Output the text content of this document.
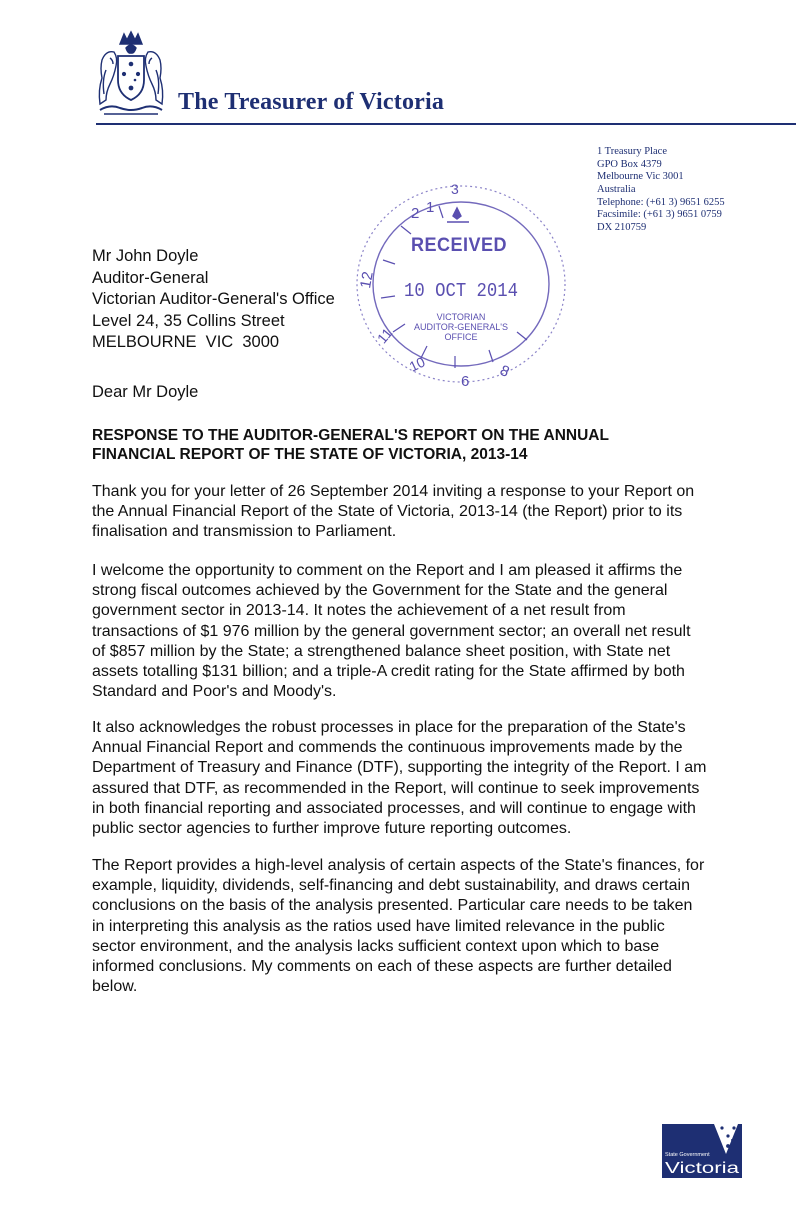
The Treasurer of Victoria
1 Treasury Place
GPO Box 4379
Melbourne Vic 3001
Australia
Telephone: (+61 3) 9651 6255
Facsimile: (+61 3) 9651 0759
DX 210759
RECEIVED
10 OCT 2014
VICTORIAN
AUDITOR-GENERAL'S
OFFICE
2 1
3
12
11
10
6
8
Mr John Doyle
Auditor-General
Victorian Auditor-General's Office
Level 24, 35 Collins Street
MELBOURNE  VIC  3000
Dear Mr Doyle
RESPONSE TO THE AUDITOR-GENERAL'S REPORT ON THE ANNUAL
FINANCIAL REPORT OF THE STATE OF VICTORIA, 2013-14
Thank you for your letter of 26 September 2014 inviting a response to your Report on
the Annual Financial Report of the State of Victoria, 2013-14 (the Report) prior to its
finalisation and transmission to Parliament.
I welcome the opportunity to comment on the Report and I am pleased it affirms the
strong fiscal outcomes achieved by the Government for the State and the general
government sector in 2013-14. It notes the achievement of a net result from
transactions of $1 976 million by the general government sector; an overall net result
of $857 million by the State; a strengthened balance sheet position, with State net
assets totalling $131 billion; and a triple-A credit rating for the State affirmed by both
Standard and Poor's and Moody's.
It also acknowledges the robust processes in place for the preparation of the State's
Annual Financial Report and commends the continuous improvements made by the
Department of Treasury and Finance (DTF), supporting the integrity of the Report. I am
assured that DTF, as recommended in the Report, will continue to seek improvements
in both financial reporting and associated processes, and will continue to engage with
public sector agencies to further improve future reporting outcomes.
The Report provides a high-level analysis of certain aspects of the State's finances, for
example, liquidity, dividends, self-financing and debt sustainability, and draws certain
conclusions on the basis of the analysis presented. Particular care needs to be taken
in interpreting this analysis as the ratios used have limited relevance in the public
sector environment, and the analysis lacks sufficient context upon which to base
informed conclusions. My comments on each of these aspects are further detailed
below.
State Government
Victoria
